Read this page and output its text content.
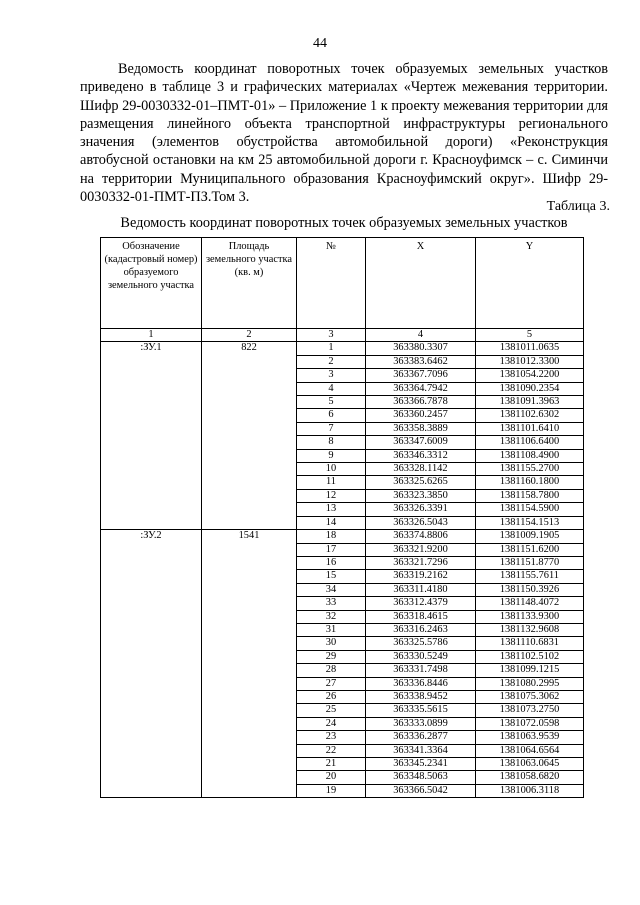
44

Ведомость координат поворотных точек образуемых земельных участков приведено в таблице 3 и графических материалах «Чертеж межевания территории. Шифр 29-0030332-01–ПМТ-01» – Приложение 1 к проекту межевания территории для размещения линейного объекта транспортной инфраструктуры регионального значения (элементов обустройства автомобильной дороги) «Реконструкция автобусной остановки на км 25 автомобильной дороги г. Красноуфимск – с. Симинчи на территории Муниципального образования Красноуфимский округ». Шифр 29-0030332-01-ПМТ-ПЗ.Том 3.

Таблица 3.
Ведомость координат поворотных точек образуемых земельных участков
Обозначение (кадастровый номер) образуемого земельного участка	Площадь земельного участка (кв. м)	№	X	Y
1	2	3	4	5
:ЗУ.1	822	1	363380.3307	1381011.0635
		2	363383.6462	1381012.3300
		3	363367.7096	1381054.2200
		4	363364.7942	1381090.2354
		5	363366.7878	1381091.3963
		6	363360.2457	1381102.6302
		7	363358.3889	1381101.6410
		8	363347.6009	1381106.6400
		9	363346.3312	1381108.4900
		10	363328.1142	1381155.2700
		11	363325.6265	1381160.1800
		12	363323.3850	1381158.7800
		13	363326.3391	1381154.5900
		14	363326.5043	1381154.1513
:ЗУ.2	1541	18	363374.8806	1381009.1905
		17	363321.9200	1381151.6200
		16	363321.7296	1381151.8770
		15	363319.2162	1381155.7611
		34	363311.4180	1381150.3926
		33	363312.4379	1381148.4072
		32	363318.4615	1381133.9300
		31	363316.2463	1381132.9608
		30	363325.5786	1381110.6831
		29	363330.5249	1381102.5102
		28	363331.7498	1381099.1215
		27	363336.8446	1381080.2995
		26	363338.9452	1381075.3062
		25	363335.5615	1381073.2750
		24	363333.0899	1381072.0598
		23	363336.2877	1381063.9539
		22	363341.3364	1381064.6564
		21	363345.2341	1381063.0645
		20	363348.5063	1381058.6820
		19	363366.5042	1381006.3118
